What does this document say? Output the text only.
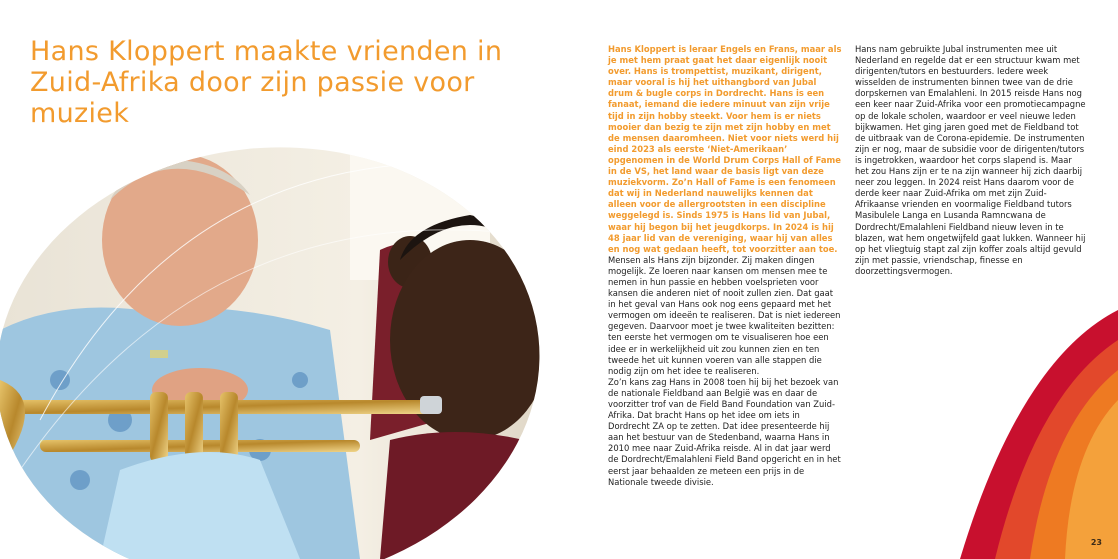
Hans Kloppert maakte vrienden in Zuid-Afrika door zijn passie voor muziek

Hans Kloppert is leraar Engels en Frans, maar als je met hem praat gaat het daar eigenlijk nooit over. Hans is trompettist, muzikant, dirigent, maar vooral is hij het uithangbord van Jubal drum & bugle corps in Dordrecht. Hans is een fanaat, iemand die iedere minuut van zijn vrije tijd in zijn hobby steekt. Voor hem is er niets mooier dan bezig te zijn met zijn hobby en met de mensen daaromheen. Niet voor niets werd hij eind 2023 als eerste ‘Niet-Amerikaan’ opgenomen in de World Drum Corps Hall of Fame in de VS, het land waar de basis ligt van deze muziekvorm. Zo’n Hall of Fame is een fenomeen dat wij in Nederland nauwelijks kennen dat alleen voor de allergrootsten in een discipline weggelegd is. Sinds 1975 is Hans lid van Jubal, waar hij begon bij het jeugdkorps. In 2024 is hij 48 jaar lid van de vereniging, waar hij van alles en nog wat gedaan heeft, tot voorzitter aan toe.

Mensen als Hans zijn bijzonder. Zij maken dingen mogelijk. Ze loeren naar kansen om mensen mee te nemen in hun passie en hebben voelsprieten voor kansen die anderen niet of nooit zullen zien. Dat gaat in het geval van Hans ook nog eens gepaard met het vermogen om ideeën te realiseren. Dat is niet iedereen gegeven. Daarvoor moet je twee kwaliteiten bezitten: ten eerste het vermogen om te visualiseren hoe een idee er in werkelijkheid uit zou kunnen zien en ten tweede het uit kunnen voeren van alle stappen die nodig zijn om het idee te realiseren.

Zo’n kans zag Hans in 2008 toen hij bij het bezoek van de nationale Fieldband aan België was en daar de voorzitter trof van de Field Band Foundation van Zuid-Afrika. Dat bracht Hans op het idee om iets in Dordrecht ZA op te zetten. Dat idee presenteerde hij aan het bestuur van de Stedenband, waarna Hans in 2010 mee naar Zuid-Afrika reisde. Al in dat jaar werd de Dordrecht/Emalahleni Field Band opgericht en in het eerst jaar behaalden ze meteen een prijs in de Nationale tweede divisie.

Hans nam gebruikte Jubal instrumenten mee uit Nederland en regelde dat er een structuur kwam met dirigenten/tutors en bestuurders. Iedere week wisselden de instrumenten binnen twee van de drie dorpskernen van Emalahleni. In 2015 reisde Hans nog een keer naar Zuid-Afrika voor een promotiecampagne op de lokale scholen, waardoor er veel nieuwe leden bijkwamen. Het ging jaren goed met de Fieldband tot de uitbraak van de Corona-epidemie. De instrumenten zijn er nog, maar de subsidie voor de dirigenten/tutors is ingetrokken, waardoor het corps slapend is. Maar het zou Hans zijn er te na zijn wanneer hij zich daarbij neer zou leggen. In 2024 reist Hans daarom voor de derde keer naar Zuid-Afrika om met zijn Zuid-Afrikaanse vrienden en voormalige Fieldband tutors Masibulele Langa en Lusanda Ramncwana de Dordrecht/Emalahleni Fieldband nieuw leven in te blazen, wat hem ongetwijfeld gaat lukken. Wanneer hij op het vliegtuig stapt zal zijn koffer zoals altijd gevuld zijn met passie, vriendschap, finesse en doorzettingsvermogen.

23
